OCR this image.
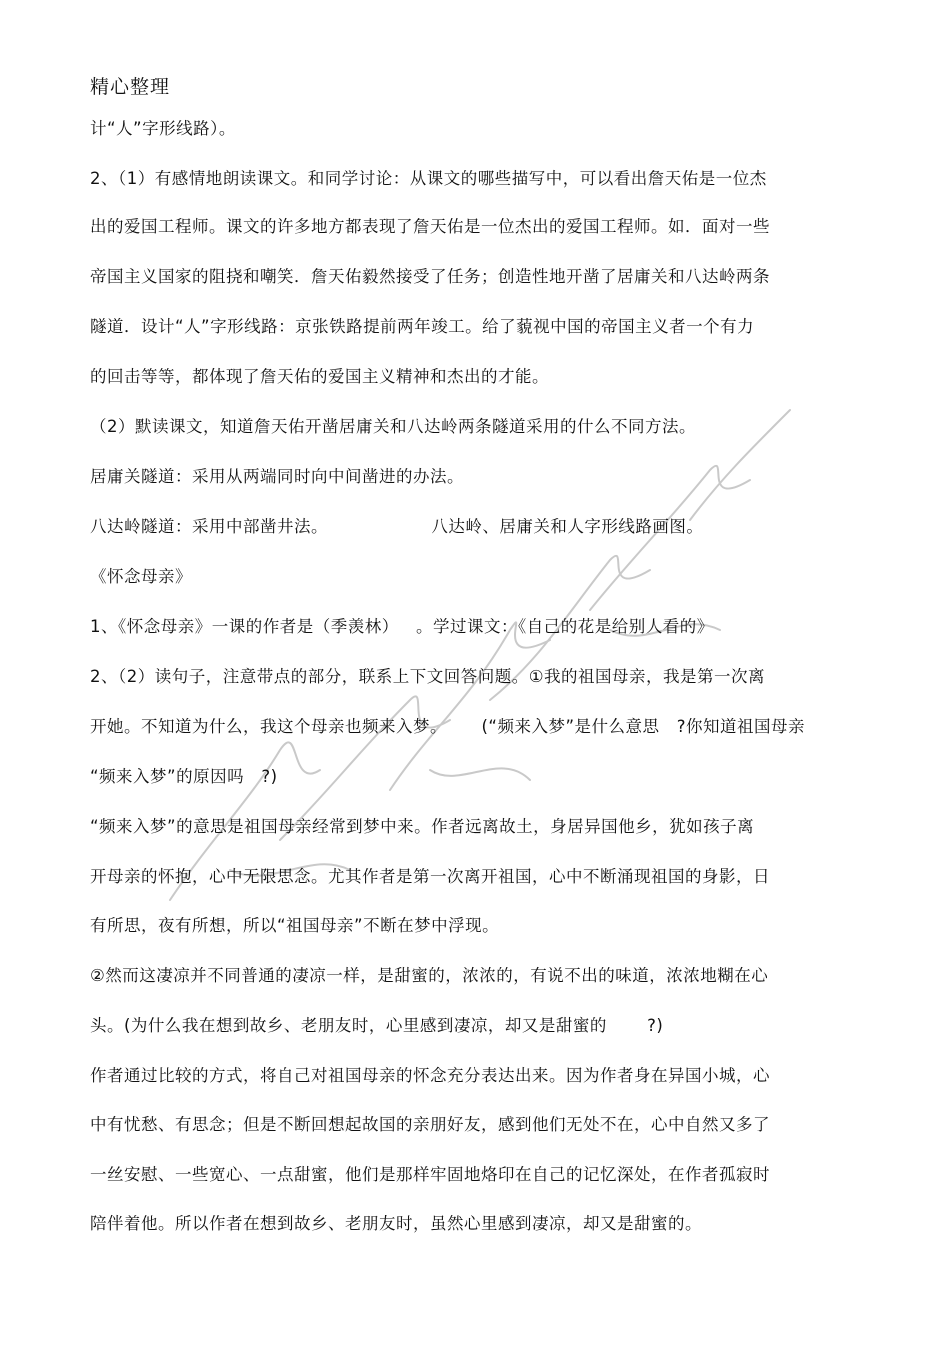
精心整理
计“人”字形线路）。
2、（1）有感情地朗读课文。和同学讨论：从课文的哪些描写中，可以看出詹天佑是一位杰
出的爱国工程师。课文的许多地方都表现了詹天佑是一位杰出的爱国工程师。如．面对一些
帝国主义国家的阻挠和嘲笑．詹天佑毅然接受了任务；创造性地开凿了居庸关和八达岭两条
隧道．设计“人”字形线路：京张铁路提前两年竣工。给了藐视中国的帝国主义者一个有力
的回击等等，都体现了詹天佑的爱国主义精神和杰出的才能。
（2）默读课文，知道詹天佑开凿居庸关和八达岭两条隧道采用的什么不同方法。
居庸关隧道：采用从两端同时向中间凿进的办法。
八达岭隧道：采用中部凿井法。                  八达岭、居庸关和人字形线路画图。
《怀念母亲》
1、《怀念母亲》一课的作者是（季羡林）   。学过课文：《自己的花是给别人看的》
2、（2）读句子，注意带点的部分，联系上下文回答问题。①我的祖国母亲，我是第一次离
开她。不知道为什么，我这个母亲也频来入梦。      (“频来入梦”是什么意思   ?你知道祖国母亲
“频来入梦”的原因吗   ?)
“频来入梦”的意思是祖国母亲经常到梦中来。作者远离故土，身居异国他乡，犹如孩子离
开母亲的怀抱，心中无限思念。尤其作者是第一次离开祖国，心中不断涌现祖国的身影，日
有所思，夜有所想，所以“祖国母亲”不断在梦中浮现。
②然而这凄凉并不同普通的凄凉一样，是甜蜜的，浓浓的，有说不出的味道，浓浓地糊在心
头。(为什么我在想到故乡、老朋友时，心里感到凄凉，却又是甜蜜的       ?)
作者通过比较的方式，将自己对祖国母亲的怀念充分表达出来。因为作者身在异国小城，心
中有忧愁、有思念；但是不断回想起故国的亲朋好友，感到他们无处不在，心中自然又多了
一丝安慰、一些宽心、一点甜蜜，他们是那样牢固地烙印在自己的记忆深处，在作者孤寂时
陪伴着他。所以作者在想到故乡、老朋友时，虽然心里感到凄凉，却又是甜蜜的。
